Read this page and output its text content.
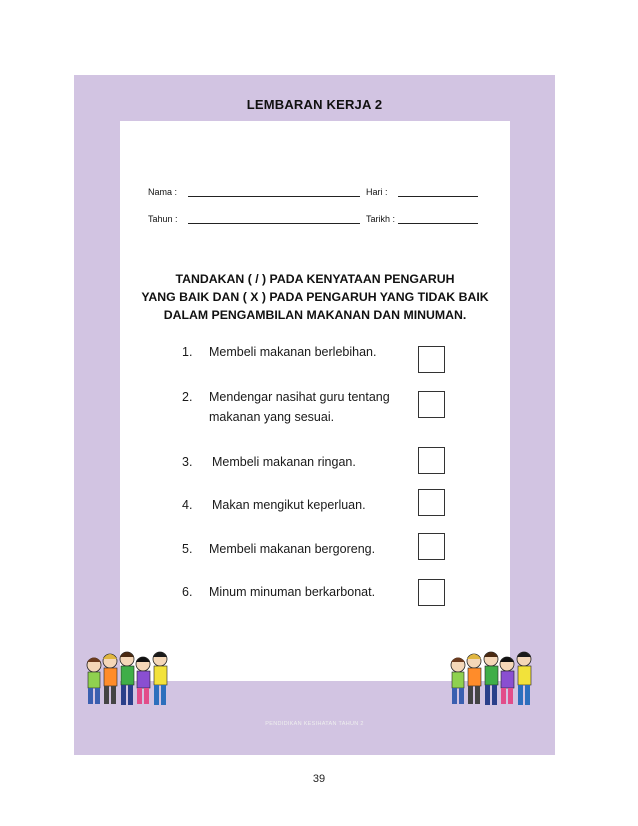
LEMBARAN KERJA 2
Nama :	Hari :
Tahun :	Tarikh :
TANDAKAN ( / ) PADA KENYATAAN PENGARUH
YANG BAIK DAN ( X ) PADA PENGARUH YANG TIDAK BAIK
DALAM PENGAMBILAN MAKANAN DAN MINUMAN.
1. Membeli makanan berlebihan.
2. Mendengar nasihat guru tentang
makanan yang sesuai.
3. Membeli makanan ringan.
4. Makan mengikut keperluan.
5. Membeli makanan bergoreng.
6. Minum minuman berkarbonat.
PENDIDIKAN KESIHATAN TAHUN 2
39
